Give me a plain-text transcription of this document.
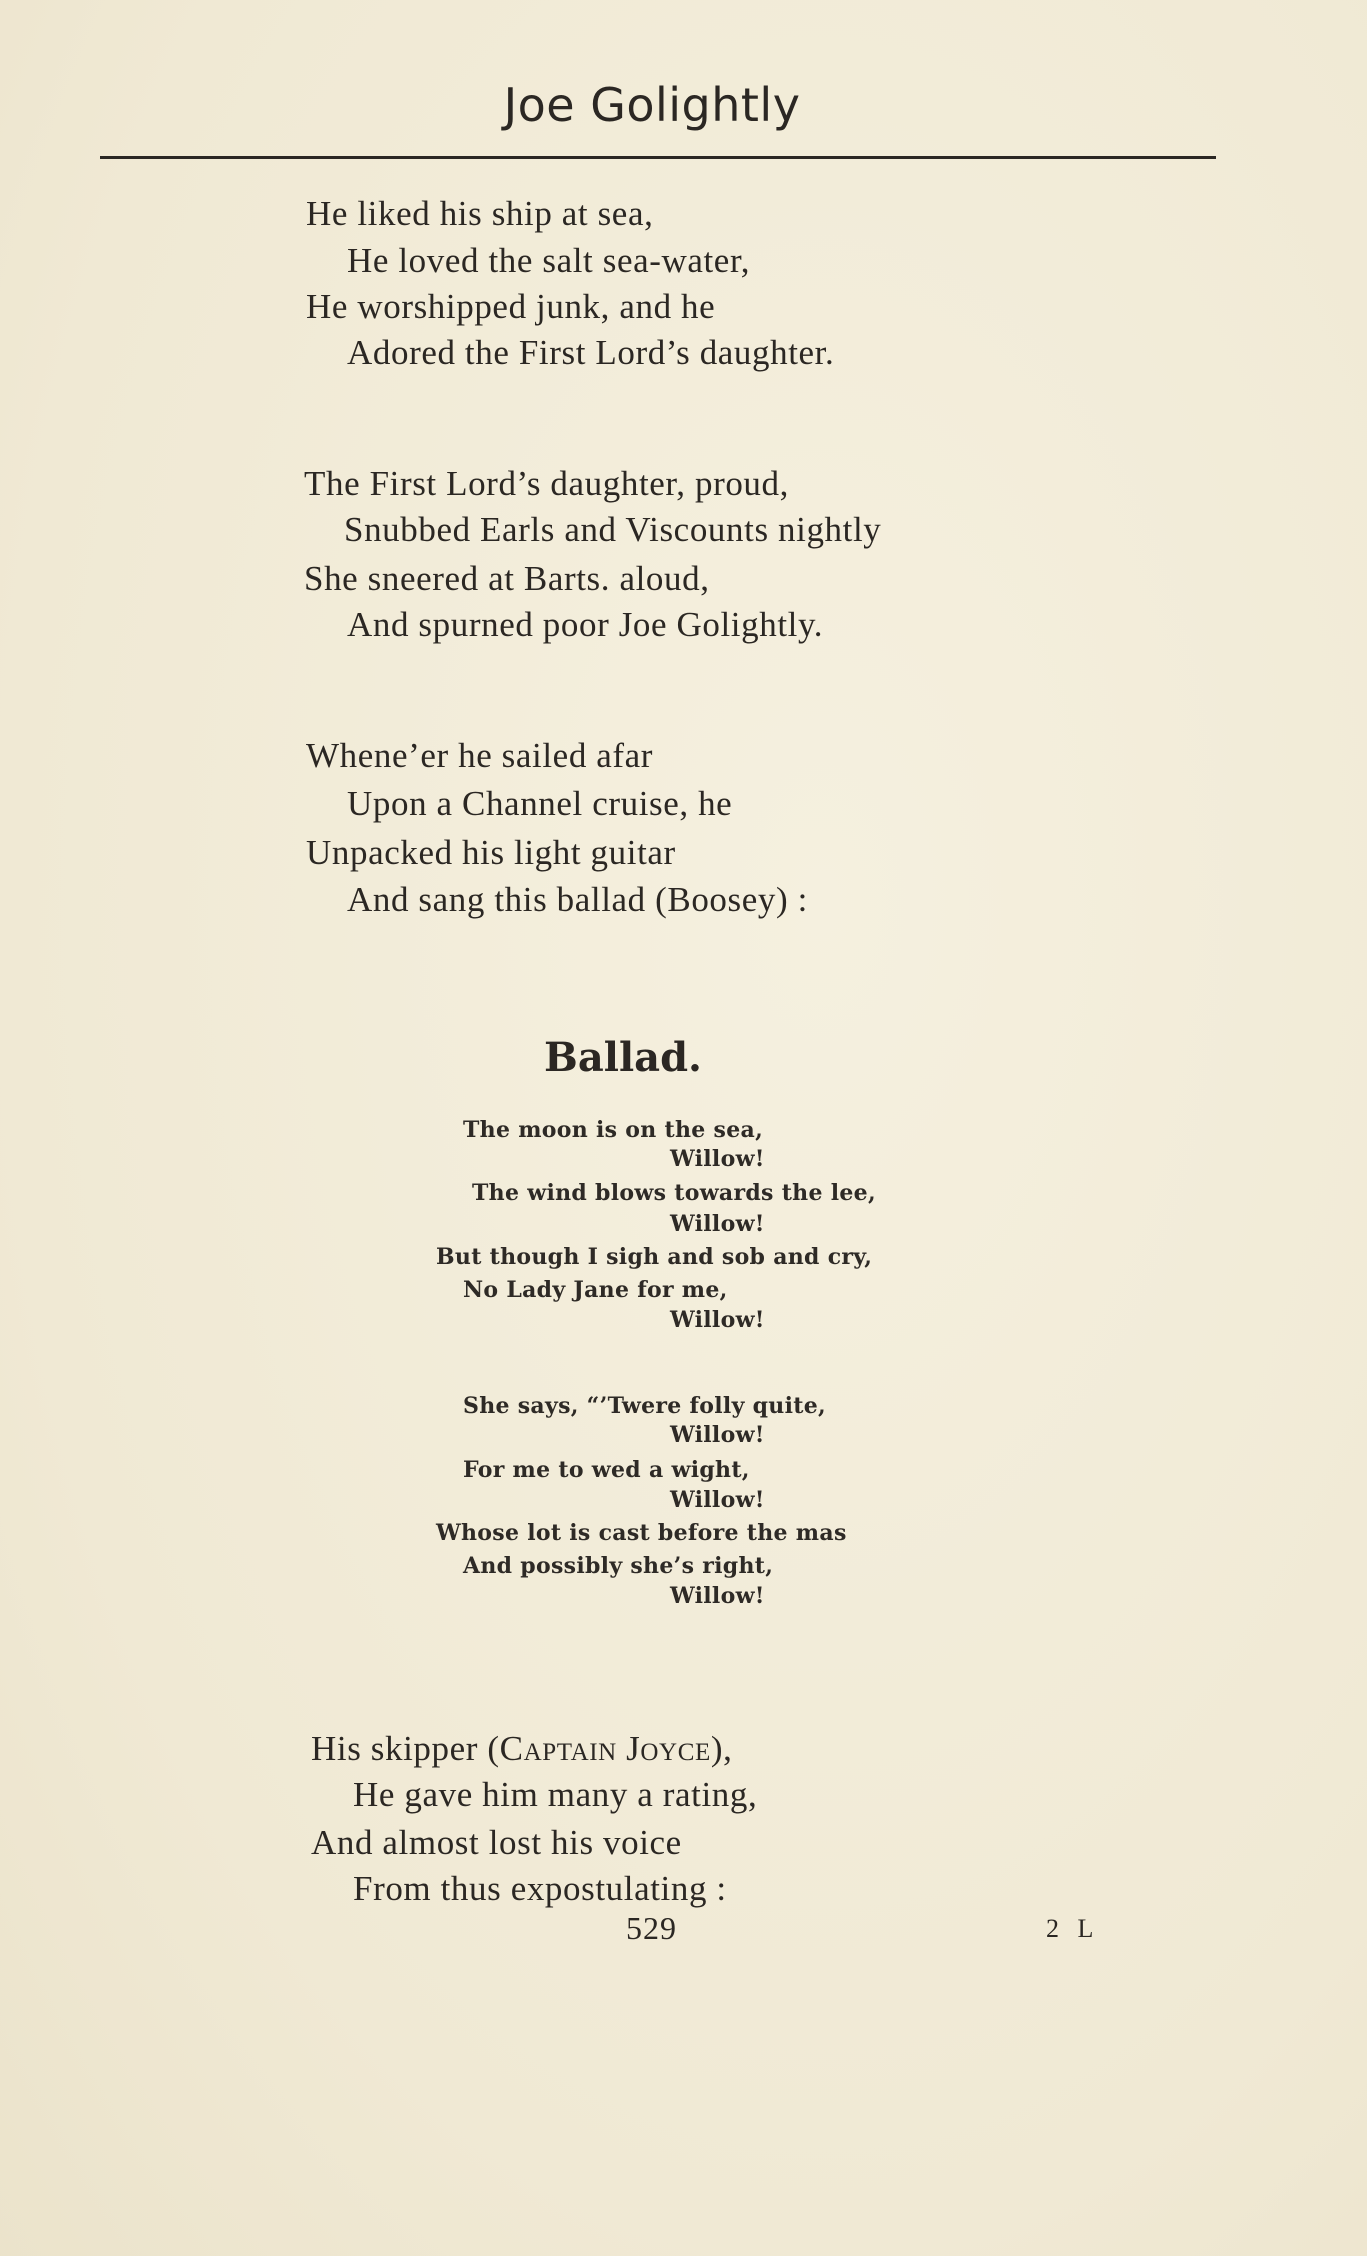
Joe Golightly
He liked his ship at sea,
He loved the salt sea-water,
He worshipped junk, and he
Adored the First Lord’s daughter.
The First Lord’s daughter, proud,
Snubbed Earls and Viscounts nightly
She sneered at Barts. aloud,
And spurned poor Joe Golightly.
Whene’er he sailed afar
Upon a Channel cruise, he
Unpacked his light guitar
And sang this ballad (Boosey) :
Ballad.
The moon is on the sea,
Willow!
The wind blows towards the lee,
Willow!
But though I sigh and sob and cry,
No Lady Jane for me,
Willow!
She says, “’Twere folly quite,
Willow!
For me to wed a wight,
Willow!
Whose lot is cast before the mas
And possibly she’s right,
Willow!
His skipper (Captain Joyce),
He gave him many a rating,
And almost lost his voice
From thus expostulating :
529	2 L
